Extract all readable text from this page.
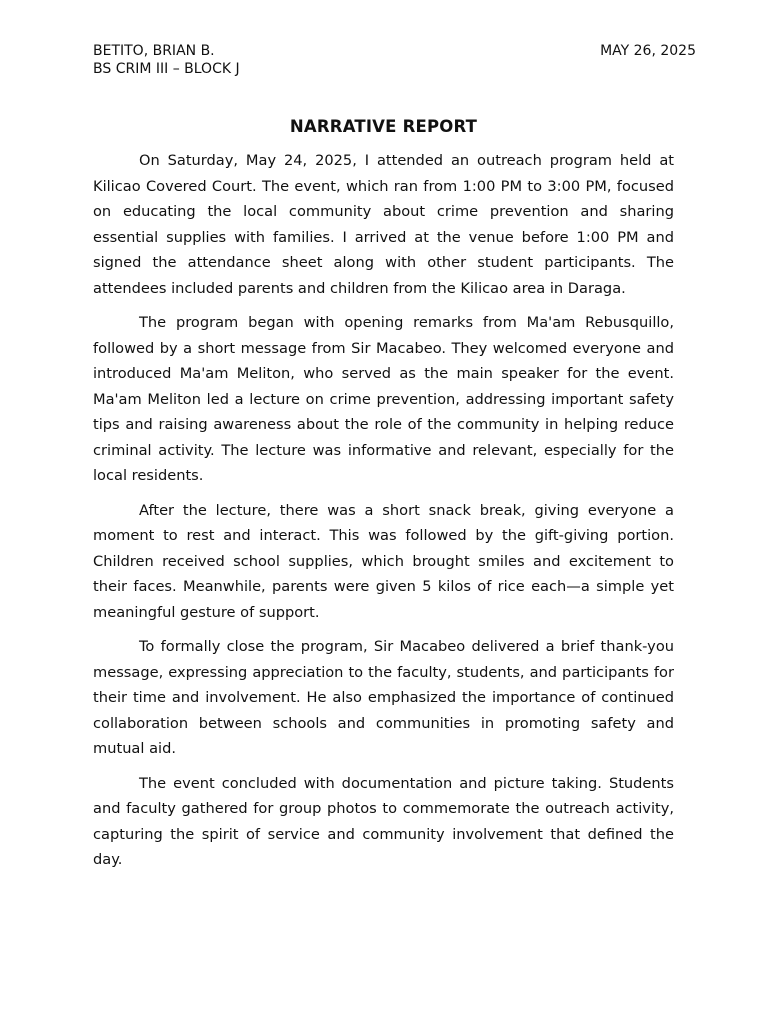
BETITO, BRIAN B.
BS CRIM III – BLOCK J
MAY 26, 2025
NARRATIVE REPORT

On Saturday, May 24, 2025, I attended an outreach program held at Kilicao Covered Court. The event, which ran from 1:00 PM to 3:00 PM, focused on educating the local community about crime prevention and sharing essential supplies with families. I arrived at the venue before 1:00 PM and signed the attendance sheet along with other student participants. The attendees included parents and children from the Kilicao area in Daraga.

The program began with opening remarks from Ma'am Rebusquillo, followed by a short message from Sir Macabeo. They welcomed everyone and introduced Ma'am Meliton, who served as the main speaker for the event. Ma'am Meliton led a lecture on crime prevention, addressing important safety tips and raising awareness about the role of the community in helping reduce criminal activity. The lecture was informative and relevant, especially for the local residents.

After the lecture, there was a short snack break, giving everyone a moment to rest and interact. This was followed by the gift-giving portion. Children received school supplies, which brought smiles and excitement to their faces. Meanwhile, parents were given 5 kilos of rice each—a simple yet meaningful gesture of support.

To formally close the program, Sir Macabeo delivered a brief thank-you message, expressing appreciation to the faculty, students, and participants for their time and involvement. He also emphasized the importance of continued collaboration between schools and communities in promoting safety and mutual aid.

The event concluded with documentation and picture taking. Students and faculty gathered for group photos to commemorate the outreach activity, capturing the spirit of service and community involvement that defined the day.
